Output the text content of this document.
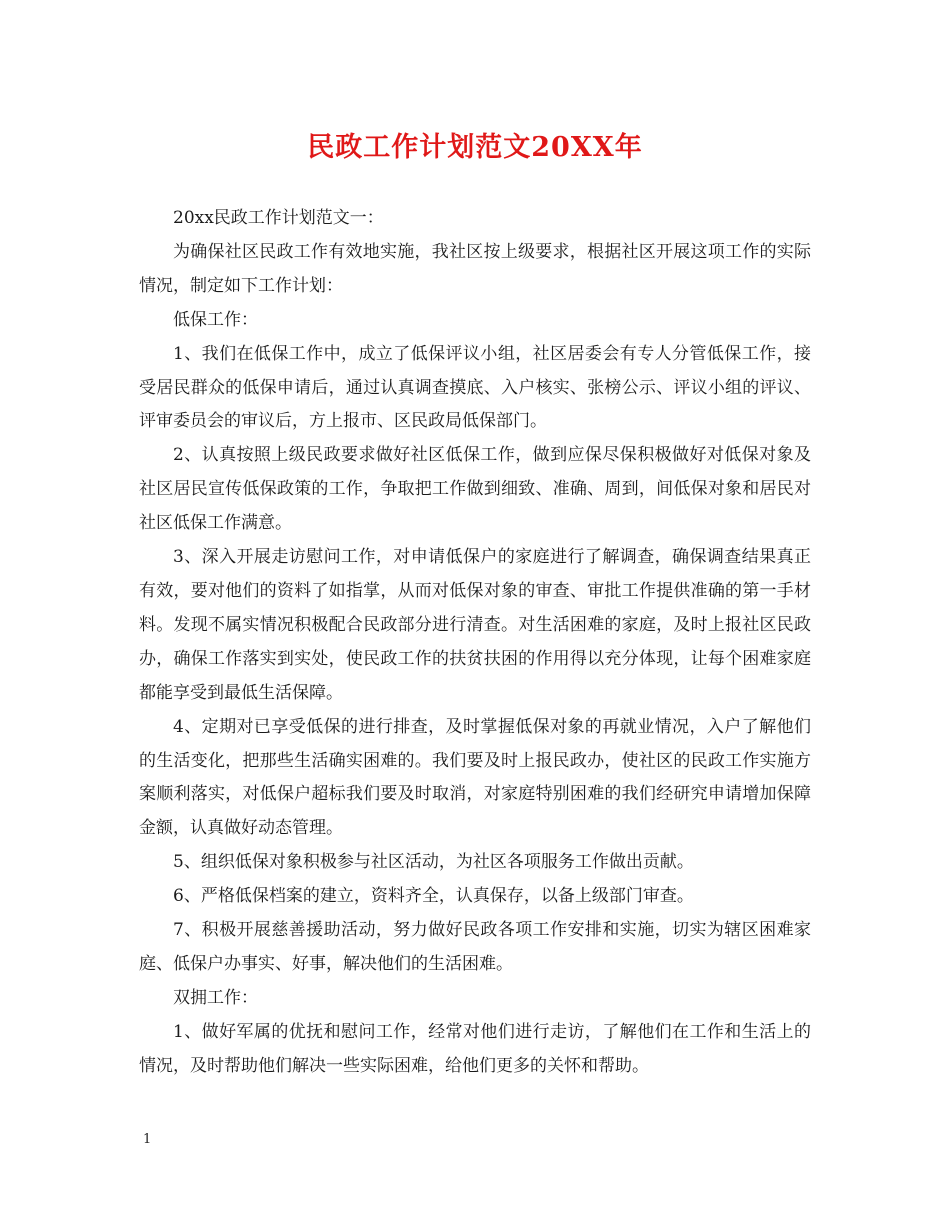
民政工作计划范文20XX年

20xx民政工作计划范文一：

为确保社区民政工作有效地实施，我社区按上级要求，根据社区开展这项工作的实际情况，制定如下工作计划：

低保工作：

1、我们在低保工作中，成立了低保评议小组，社区居委会有专人分管低保工作，接受居民群众的低保申请后，通过认真调查摸底、入户核实、张榜公示、评议小组的评议、评审委员会的审议后，方上报市、区民政局低保部门。

2、认真按照上级民政要求做好社区低保工作，做到应保尽保积极做好对低保对象及社区居民宣传低保政策的工作，争取把工作做到细致、准确、周到，间低保对象和居民对社区低保工作满意。

3、深入开展走访慰问工作，对申请低保户的家庭进行了解调查，确保调查结果真正有效，要对他们的资料了如指掌，从而对低保对象的审查、审批工作提供准确的第一手材料。发现不属实情况积极配合民政部分进行清查。对生活困难的家庭，及时上报社区民政办，确保工作落实到实处，使民政工作的扶贫扶困的作用得以充分体现，让每个困难家庭都能享受到最低生活保障。

4、定期对已享受低保的进行排查，及时掌握低保对象的再就业情况，入户了解他们的生活变化，把那些生活确实困难的。我们要及时上报民政办，使社区的民政工作实施方案顺利落实，对低保户超标我们要及时取消，对家庭特别困难的我们经研究申请增加保障金额，认真做好动态管理。

5、组织低保对象积极参与社区活动，为社区各项服务工作做出贡献。

6、严格低保档案的建立，资料齐全，认真保存，以备上级部门审查。

7、积极开展慈善援助活动，努力做好民政各项工作安排和实施，切实为辖区困难家庭、低保户办事实、好事，解决他们的生活困难。

双拥工作：

1、做好军属的优抚和慰问工作，经常对他们进行走访，了解他们在工作和生活上的情况，及时帮助他们解决一些实际困难，给他们更多的关怀和帮助。

1
